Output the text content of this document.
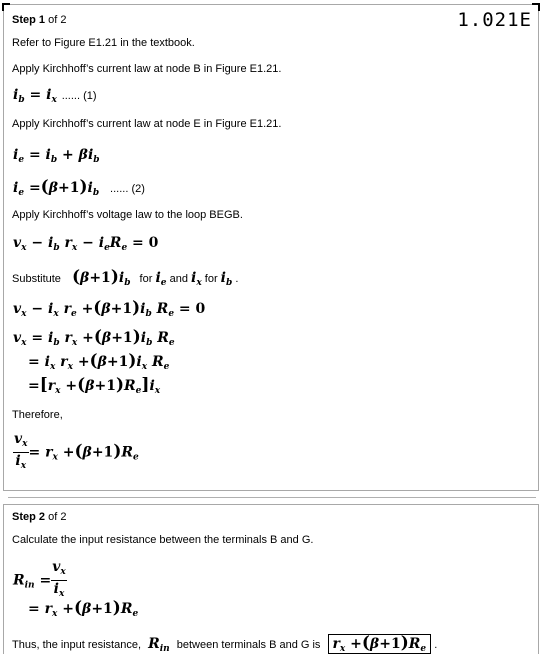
Step 1 of 2	1.021E
Refer to Figure E1.21 in the textbook.
Apply Kirchhoff’s current law at node B in Figure E1.21.
$i_b = i_x$ ...... (1)
Apply Kirchhoff’s current law at node E in Figure E1.21.
$i_e = i_b + \beta i_b$
$i_e =(\beta+1)i_b$ ...... (2)
Apply Kirchhoff’s voltage law to the loop BEGB.
$v_x - i_b$ $r_x - i_eR_e = 0$
Substitute $(\beta+1)i_b$ for $i_e$ and $i_x$ for $i_b$ .
$v_x - i_x$ $r_e +(\beta+1)i_b$ $R_e = 0$
$v_x = i_b$ $r_x +(\beta+1)i_b$ $R_e$
= $i_x$ $r_x +(\beta+1)i_x$ $R_e$
$=[r_x +(\beta+1)R_e]i_x$
Therefore,
$\frac{v_x}{i_x} = r_x +(\beta+1)R_e$
Step 2 of 2
Calculate the input resistance between the terminals B and G.
$R_{in} = \frac{v_x}{i_x}$
= $r_x +(\beta+1)R_e$
Thus, the input resistance, $R_{in}$ between terminals B and G is $r_x +(\beta+1)R_e$ .
